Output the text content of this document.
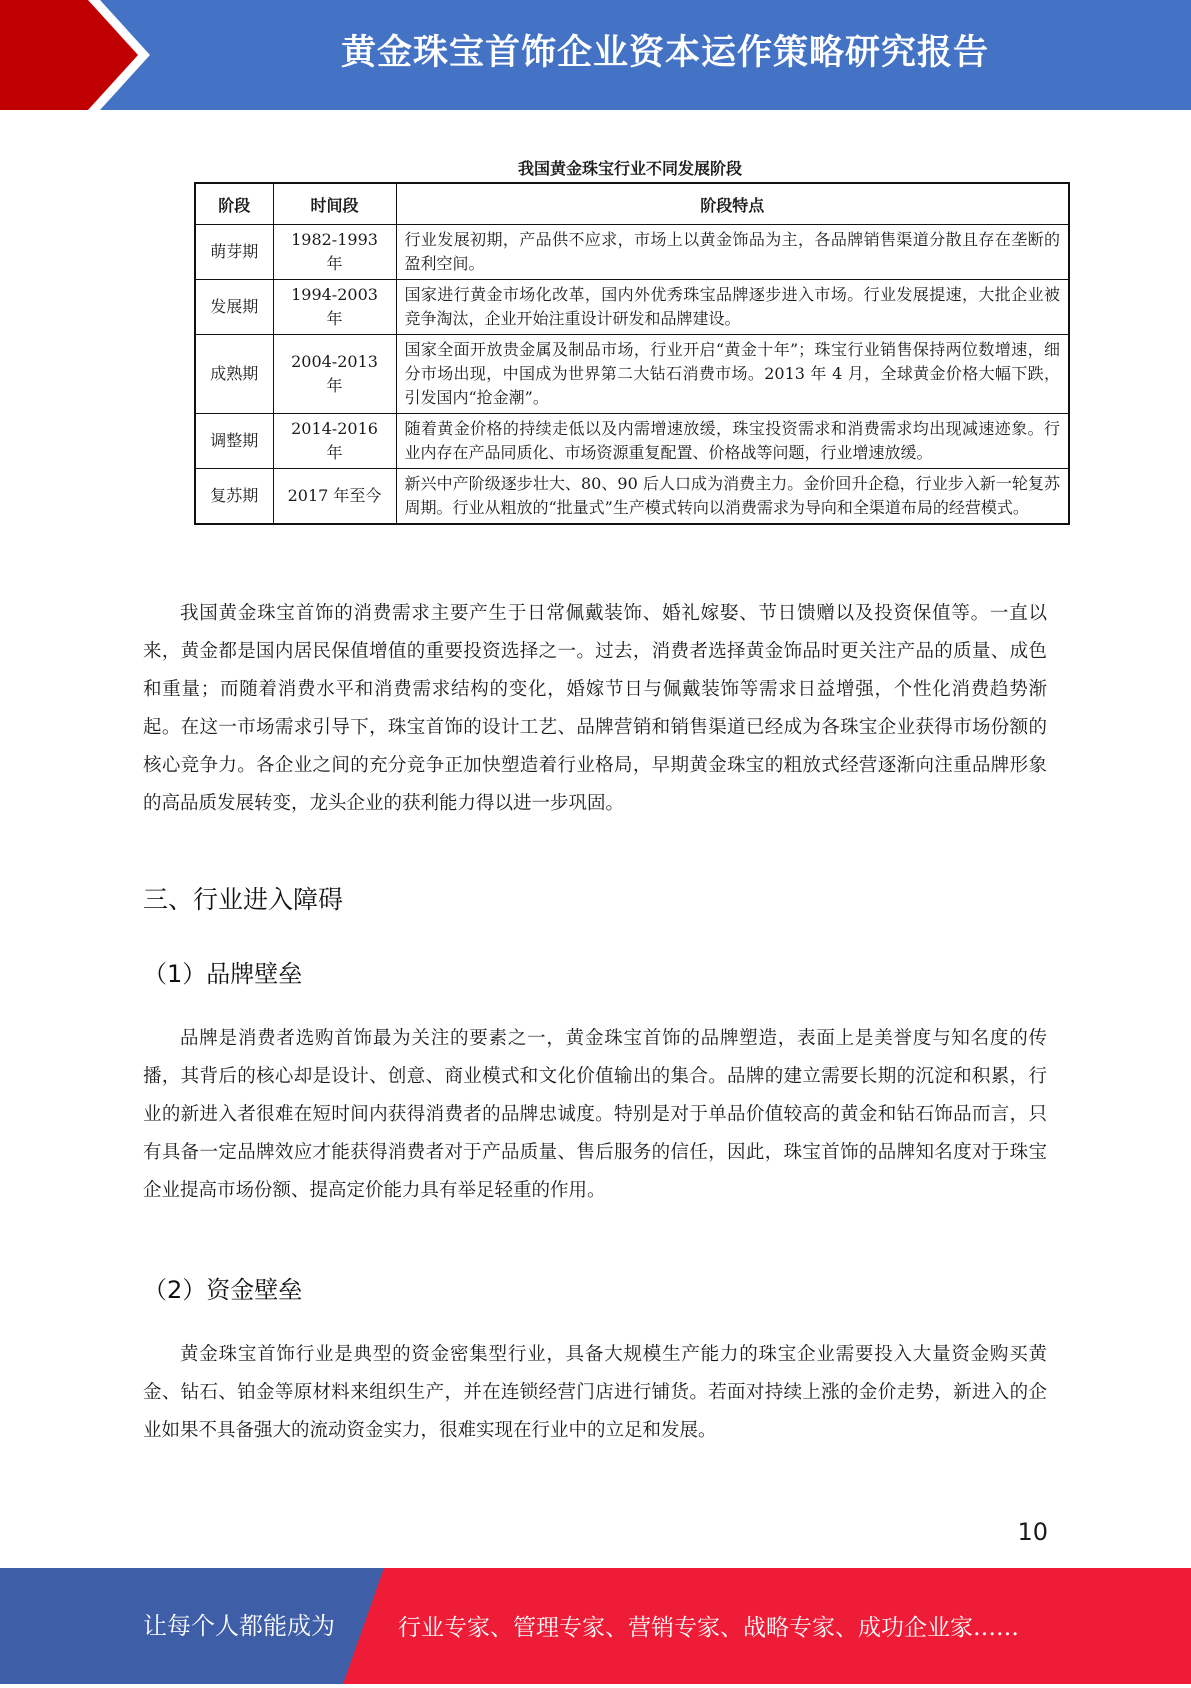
黄金珠宝首饰企业资本运作策略研究报告
我国黄金珠宝行业不同发展阶段
阶段	时间段	阶段特点
萌芽期	1982-1993 年	行业发展初期，产品供不应求，市场上以黄金饰品为主，各品牌销售渠道分散且存在垄断的盈利空间。
发展期	1994-2003 年	国家进行黄金市场化改革，国内外优秀珠宝品牌逐步进入市场。行业发展提速，大批企业被竞争淘汰，企业开始注重设计研发和品牌建设。
成熟期	2004-2013 年	国家全面开放贵金属及制品市场，行业开启“黄金十年”；珠宝行业销售保持两位数增速，细分市场出现，中国成为世界第二大钻石消费市场。2013 年 4 月，全球黄金价格大幅下跌，引发国内“抢金潮”。
调整期	2014-2016 年	随着黄金价格的持续走低以及内需增速放缓，珠宝投资需求和消费需求均出现减速迹象。行业内存在产品同质化、市场资源重复配置、价格战等问题，行业增速放缓。
复苏期	2017 年至今	新兴中产阶级逐步壮大、80、90 后人口成为消费主力。金价回升企稳，行业步入新一轮复苏周期。行业从粗放的“批量式”生产模式转向以消费需求为导向和全渠道布局的经营模式。

我国黄金珠宝首饰的消费需求主要产生于日常佩戴装饰、婚礼嫁娶、节日馈赠以及投资保值等。一直以来，黄金都是国内居民保值增值的重要投资选择之一。过去，消费者选择黄金饰品时更关注产品的质量、成色和重量；而随着消费水平和消费需求结构的变化，婚嫁节日与佩戴装饰等需求日益增强，个性化消费趋势渐起。在这一市场需求引导下，珠宝首饰的设计工艺、品牌营销和销售渠道已经成为各珠宝企业获得市场份额的核心竞争力。各企业之间的充分竞争正加快塑造着行业格局，早期黄金珠宝的粗放式经营逐渐向注重品牌形象的高品质发展转变，龙头企业的获利能力得以进一步巩固。

三、行业进入障碍
（1）品牌壁垒

品牌是消费者选购首饰最为关注的要素之一，黄金珠宝首饰的品牌塑造，表面上是美誉度与知名度的传播，其背后的核心却是设计、创意、商业模式和文化价值输出的集合。品牌的建立需要长期的沉淀和积累，行业的新进入者很难在短时间内获得消费者的品牌忠诚度。特别是对于单品价值较高的黄金和钻石饰品而言，只有具备一定品牌效应才能获得消费者对于产品质量、售后服务的信任，因此，珠宝首饰的品牌知名度对于珠宝企业提高市场份额、提高定价能力具有举足轻重的作用。

（2）资金壁垒

黄金珠宝首饰行业是典型的资金密集型行业，具备大规模生产能力的珠宝企业需要投入大量资金购买黄金、钻石、铂金等原材料来组织生产，并在连锁经营门店进行铺货。若面对持续上涨的金价走势，新进入的企业如果不具备强大的流动资金实力，很难实现在行业中的立足和发展。

10
让每个人都能成为	行业专家、管理专家、营销专家、战略专家、成功企业家……
